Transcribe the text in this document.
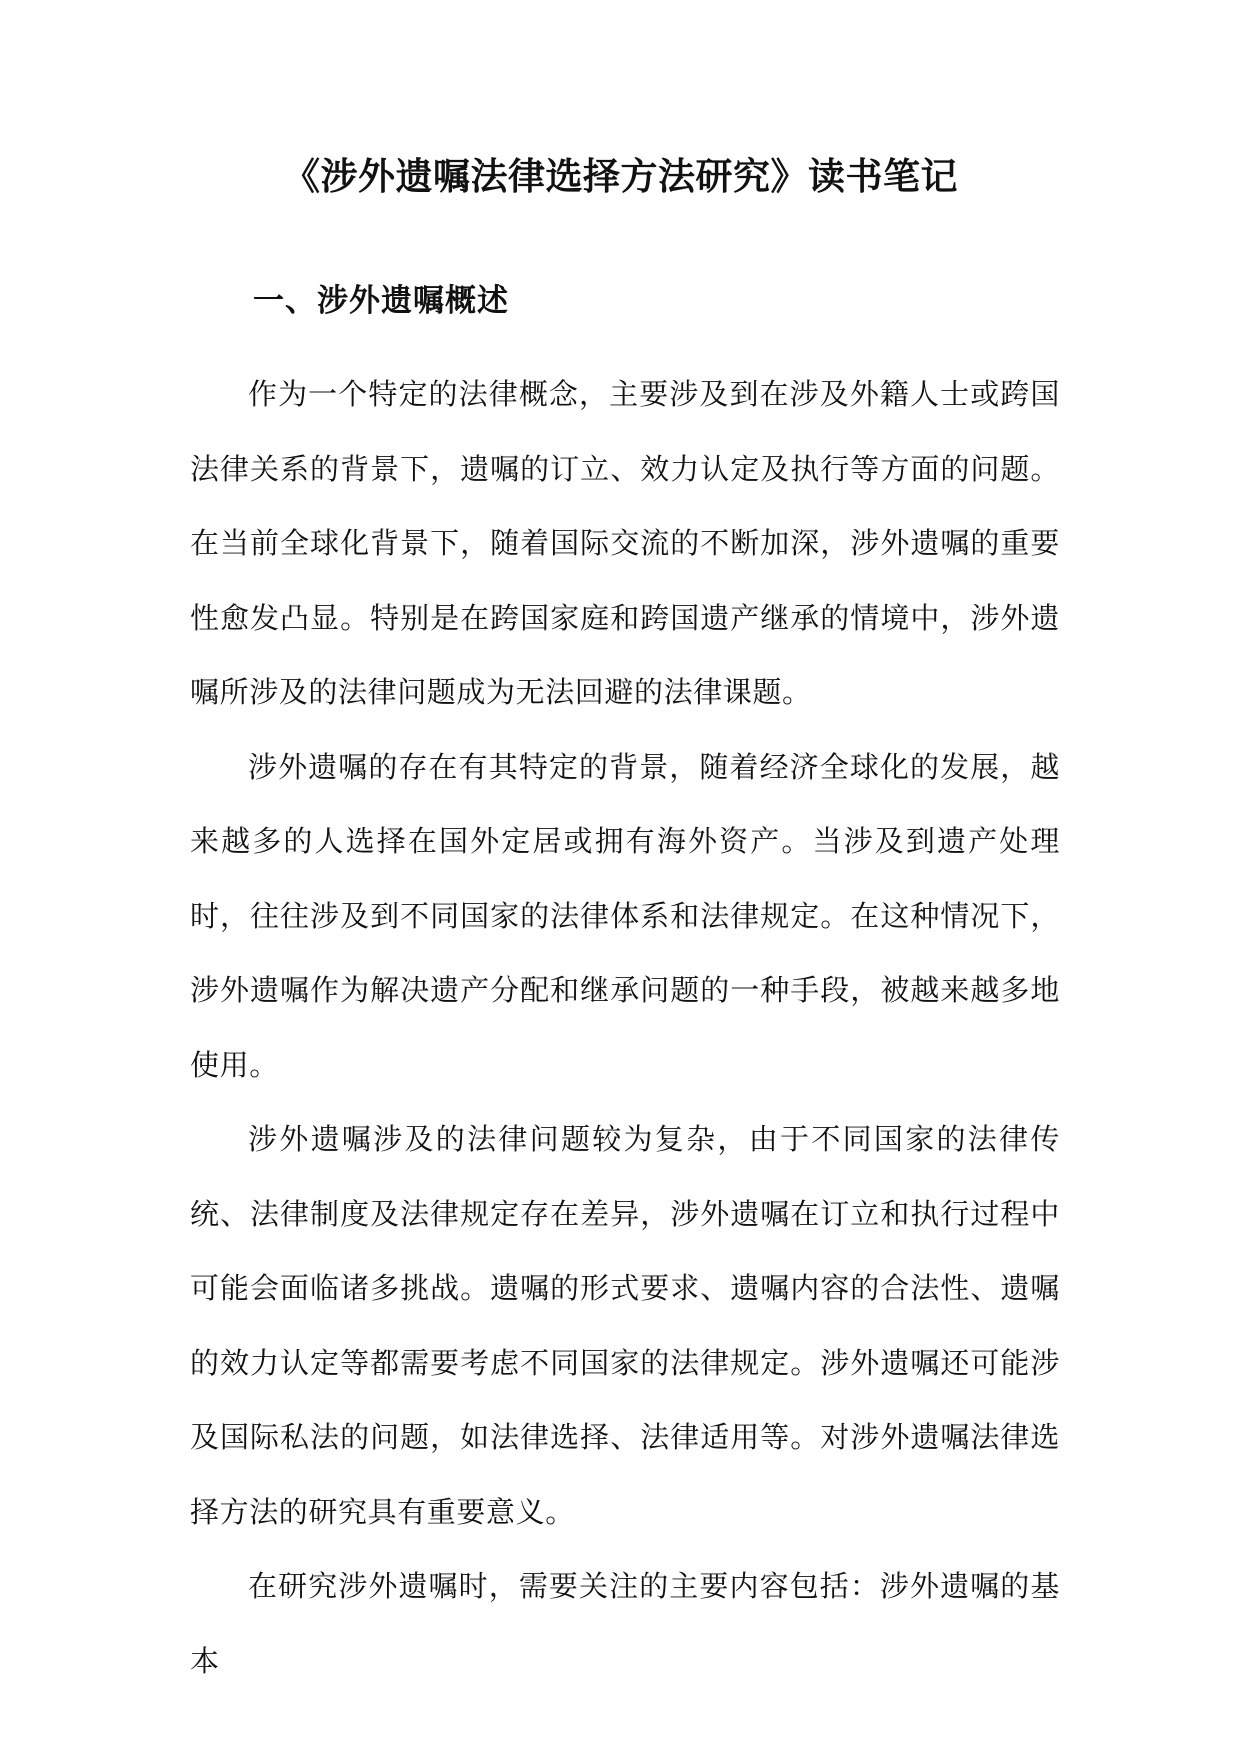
《涉外遗嘱法律选择方法研究》读书笔记
一、涉外遗嘱概述

作为一个特定的法律概念，主要涉及到在涉及外籍人士或跨国法律关系的背景下，遗嘱的订立、效力认定及执行等方面的问题。在当前全球化背景下，随着国际交流的不断加深，涉外遗嘱的重要性愈发凸显。特别是在跨国家庭和跨国遗产继承的情境中，涉外遗嘱所涉及的法律问题成为无法回避的法律课题。

涉外遗嘱的存在有其特定的背景，随着经济全球化的发展，越来越多的人选择在国外定居或拥有海外资产。当涉及到遗产处理时，往往涉及到不同国家的法律体系和法律规定。在这种情况下，涉外遗嘱作为解决遗产分配和继承问题的一种手段，被越来越多地使用。

涉外遗嘱涉及的法律问题较为复杂，由于不同国家的法律传统、法律制度及法律规定存在差异，涉外遗嘱在订立和执行过程中可能会面临诸多挑战。遗嘱的形式要求、遗嘱内容的合法性、遗嘱的效力认定等都需要考虑不同国家的法律规定。涉外遗嘱还可能涉及国际私法的问题，如法律选择、法律适用等。对涉外遗嘱法律选择方法的研究具有重要意义。

在研究涉外遗嘱时，需要关注的主要内容包括：涉外遗嘱的基本
